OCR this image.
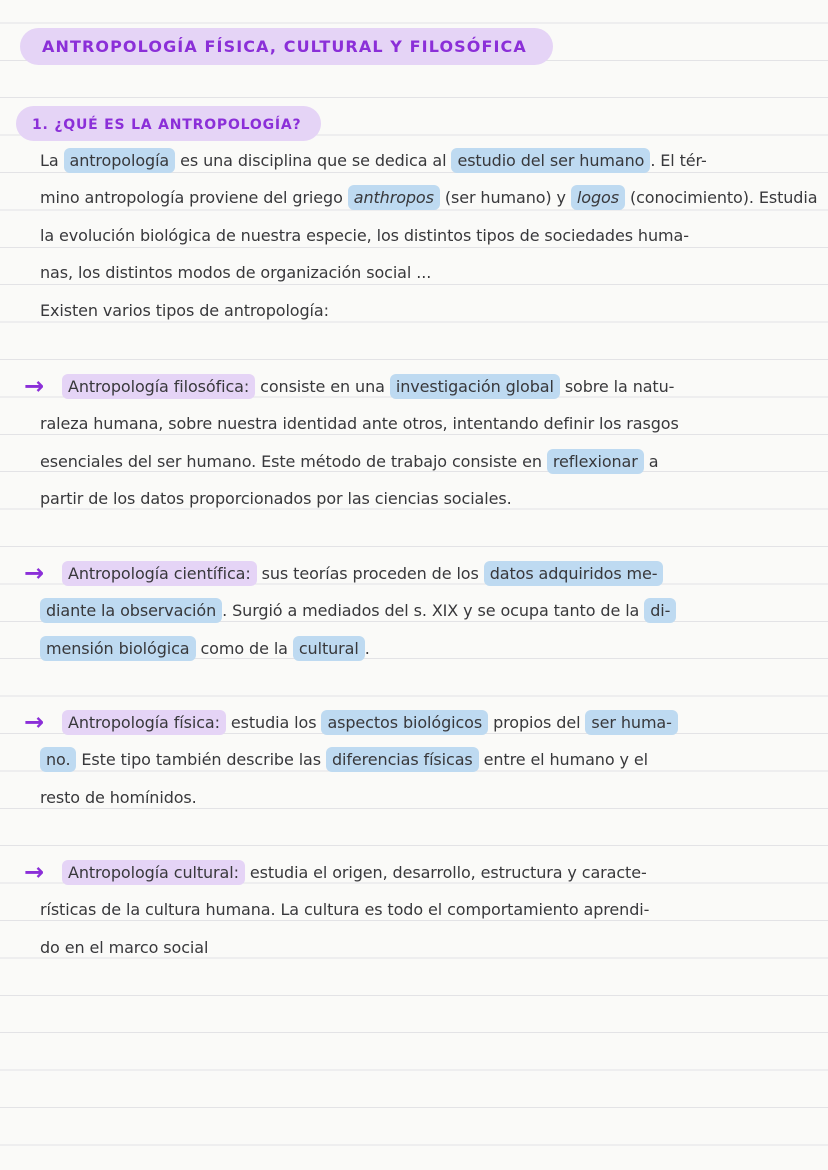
ANTROPOLOGÍA FÍSICA, CULTURAL Y FILOSÓFICA
1. ¿QUÉ ES LA ANTROPOLOGÍA?
La antropología es una disciplina que se dedica al estudio del ser humano . El tér-
mino antropología proviene del griego anthropos (ser humano) y logos (conocimiento). Estudia
la evolución biológica de nuestra especie, los distintos tipos de sociedades huma-
nas, los distintos modos de organización social ...
Existen varios tipos de antropología:
→	Antropología filosófica: consiste en una investigación global sobre la natu-
raleza humana, sobre nuestra identidad ante otros, intentando definir los rasgos
esenciales del ser humano. Este método de trabajo consiste en reflexionar a
partir de los datos proporcionados por las ciencias sociales.
→	Antropología científica: sus teorías proceden de los datos adquiridos me-
diante la observación . Surgió a mediados del s. XIX y se ocupa tanto de la di-
mensión biológica como de la cultural .
→	Antropología física: estudia los aspectos biológicos propios del ser huma-
no. Este tipo también describe las diferencias físicas entre el humano y el
resto de homínidos.
→	Antropología cultural: estudia el origen, desarrollo, estructura y caracte-
rísticas de la cultura humana. La cultura es todo el comportamiento aprendi-
do en el marco social
